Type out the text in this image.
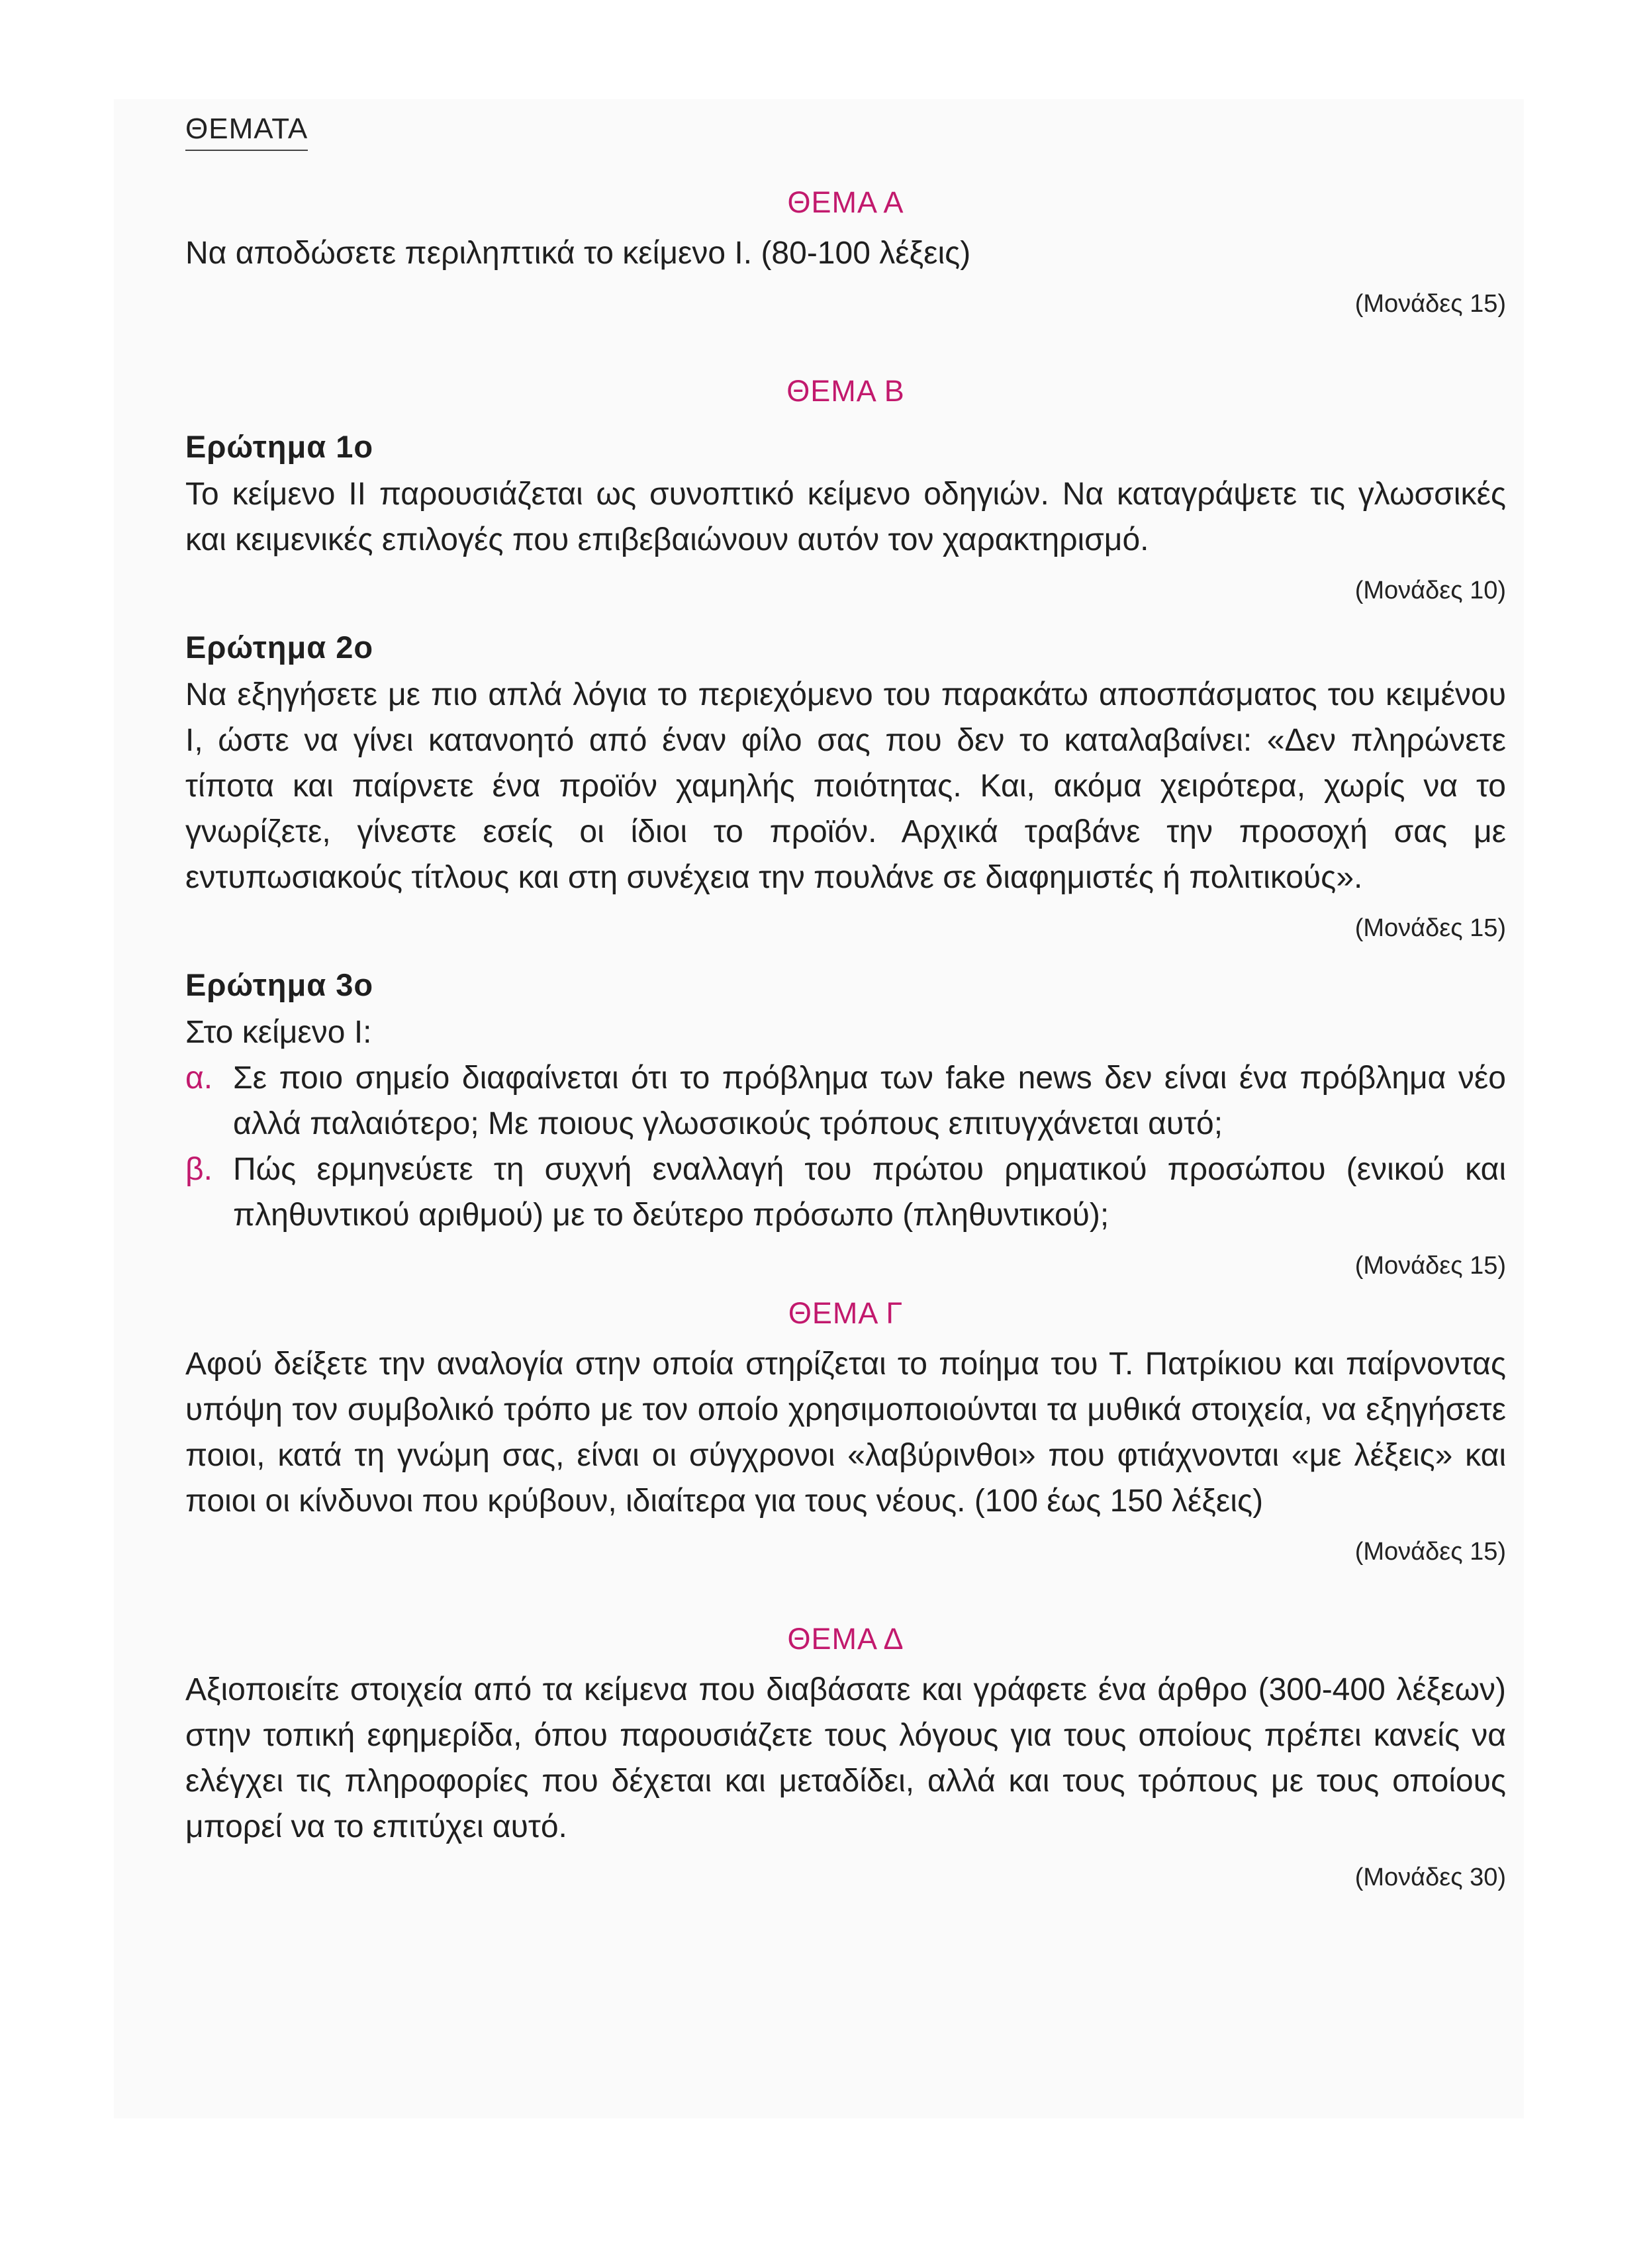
ΘΕΜΑΤΑ
ΘΕΜΑ Α

Να αποδώσετε περιληπτικά το κείμενο I. (80-100 λέξεις)

(Μονάδες 15)

ΘΕΜΑ Β
Ερώτημα 1ο

Το κείμενο II παρουσιάζεται ως συνοπτικό κείμενο οδηγιών. Να καταγράψετε τις γλωσσικές και κειμενικές επιλογές που επιβεβαιώνουν αυτόν τον χαρακτηρισμό.

(Μονάδες 10)

Ερώτημα 2ο

Να εξηγήσετε με πιο απλά λόγια το περιεχόμενο του παρακάτω αποσπάσματος του κειμένου I, ώστε να γίνει κατανοητό από έναν φίλο σας που δεν το καταλαβαίνει: «Δεν πληρώνετε τίποτα και παίρνετε ένα προϊόν χαμηλής ποιότητας. Και, ακόμα χειρότερα, χωρίς να το γνωρίζετε, γίνεστε εσείς οι ίδιοι το προϊόν. Αρχικά τραβάνε την προσοχή σας με εντυπωσιακούς τίτλους και στη συνέχεια την πουλάνε σε διαφημιστές ή πολιτικούς».

(Μονάδες 15)

Ερώτημα 3ο

Στο κείμενο I:

α. Σε ποιο σημείο διαφαίνεται ότι το πρόβλημα των fake news δεν είναι ένα πρόβλημα νέο αλλά παλαιότερο; Με ποιους γλωσσικούς τρόπους επιτυγχάνεται αυτό;
β. Πώς ερμηνεύετε τη συχνή εναλλαγή του πρώτου ρηματικού προσώπου (ενικού και πληθυντικού αριθμού) με το δεύτερο πρόσωπο (πληθυντικού);

(Μονάδες 15)

ΘΕΜΑ Γ

Αφού δείξετε την αναλογία στην οποία στηρίζεται το ποίημα του Τ. Πατρίκιου και παίρνοντας υπόψη τον συμβολικό τρόπο με τον οποίο χρησιμοποιούνται τα μυθικά στοιχεία, να εξηγήσετε ποιοι, κατά τη γνώμη σας, είναι οι σύγχρονοι «λαβύρινθοι» που φτιάχνονται «με λέξεις» και ποιοι οι κίνδυνοι που κρύβουν, ιδιαίτερα για τους νέους. (100 έως 150 λέξεις)

(Μονάδες 15)

ΘΕΜΑ Δ

Αξιοποιείτε στοιχεία από τα κείμενα που διαβάσατε και γράφετε ένα άρθρο (300-400 λέξεων) στην τοπική εφημερίδα, όπου παρουσιάζετε τους λόγους για τους οποίους πρέπει κανείς να ελέγχει τις πληροφορίες που δέχεται και μεταδίδει, αλλά και τους τρόπους με τους οποίους μπορεί να το επιτύχει αυτό.

(Μονάδες 30)
